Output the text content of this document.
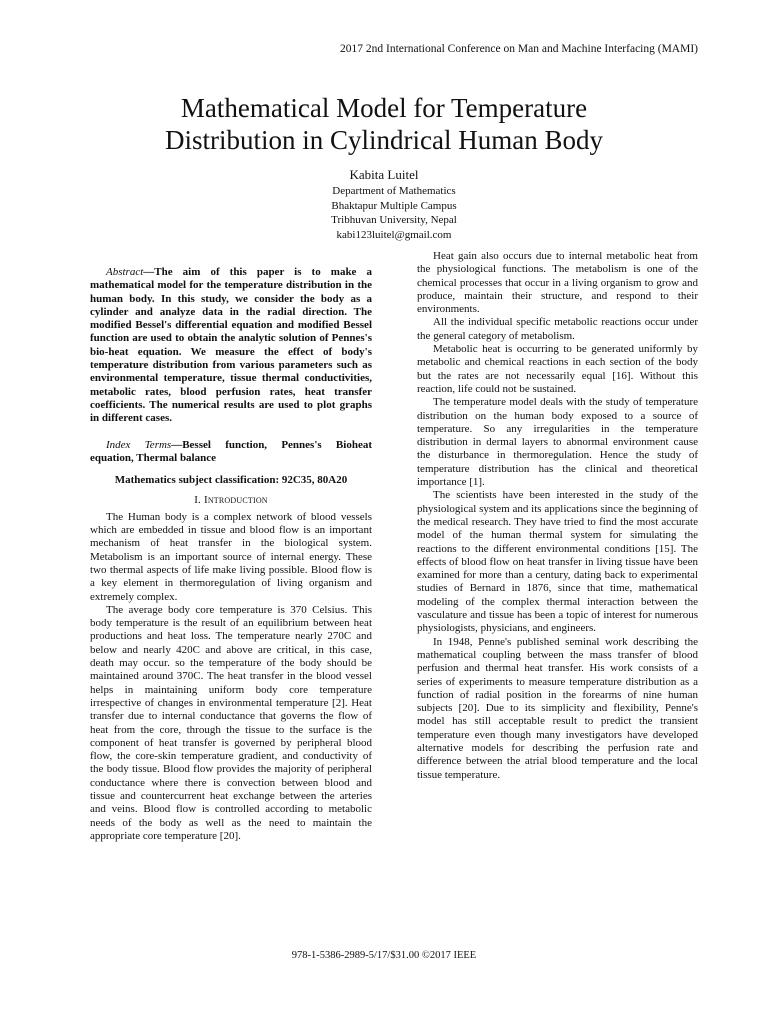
2017 2nd International Conference on Man and Machine Interfacing (MAMI)
Mathematical Model for Temperature
Distribution in Cylindrical Human Body
Kabita Luitel
Department of Mathematics
Bhaktapur Multiple Campus
Tribhuvan University, Nepal
kabi123luitel@gmail.com

Abstract—The aim of this paper is to make a mathematical model for the temperature distribution in the human body. In this study, we consider the body as a cylinder and analyze data in the radial direction. The modified Bessel's differential equation and modified Bessel function are used to obtain the analytic solution of Pennes's bio-heat equation. We measure the effect of body's temperature distribution from various parameters such as environmental temperature, tissue thermal conductivities, metabolic rates, blood perfusion rates, heat transfer coefficients. The numerical results are used to plot graphs in different cases.

Index Terms—Bessel function, Pennes's Bioheat equation, Thermal balance

Mathematics subject classification: 92C35, 80A20

I. Introduction

The Human body is a complex network of blood vessels which are embedded in tissue and blood flow is an important mechanism of heat transfer in the biological system. Metabolism is an important source of internal energy. These two thermal aspects of life make living possible. Blood flow is a key element in thermoregulation of living organism and extremely complex.

The average body core temperature is 370 Celsius. This body temperature is the result of an equilibrium between heat productions and heat loss. The temperature nearly 270C and below and nearly 420C and above are critical, in this case, death may occur. so the temperature of the body should be maintained around 370C. The heat transfer in the blood vessel helps in maintaining uniform body core temperature irrespective of changes in environmental temperature [2]. Heat transfer due to internal conductance that governs the flow of heat from the core, through the tissue to the surface is the component of heat transfer is governed by peripheral blood flow, the core-skin temperature gradient, and conductivity of the body tissue. Blood flow provides the majority of peripheral conductance where there is convection between blood and tissue and countercurrent heat exchange between the arteries and veins. Blood flow is controlled according to metabolic needs of the body as well as the need to maintain the appropriate core temperature [20].

Heat gain also occurs due to internal metabolic heat from the physiological functions. The metabolism is one of the chemical processes that occur in a living organism to grow and produce, maintain their structure, and respond to their environments.

All the individual specific metabolic reactions occur under the general category of metabolism.

Metabolic heat is occurring to be generated uniformly by metabolic and chemical reactions in each section of the body but the rates are not necessarily equal [16]. Without this reaction, life could not be sustained.

The temperature model deals with the study of temperature distribution on the human body exposed to a source of temperature. So any irregularities in the temperature distribution in dermal layers to abnormal environment cause the disturbance in thermoregulation. Hence the study of temperature distribution has the clinical and theoretical importance [1].

The scientists have been interested in the study of the physiological system and its applications since the beginning of the medical research. They have tried to find the most accurate model of the human thermal system for simulating the reactions to the different environmental conditions [15]. The effects of blood flow on heat transfer in living tissue have been examined for more than a century, dating back to experimental studies of Bernard in 1876, since that time, mathematical modeling of the complex thermal interaction between the vasculature and tissue has been a topic of interest for numerous physiologists, physicians, and engineers.

In 1948, Penne's published seminal work describing the mathematical coupling between the mass transfer of blood perfusion and thermal heat transfer. His work consists of a series of experiments to measure temperature distribution as a function of radial position in the forearms of nine human subjects [20]. Due to its simplicity and flexibility, Penne's model has still acceptable result to predict the transient temperature even though many investigators have developed alternative models for describing the perfusion rate and difference between the atrial blood temperature and the local tissue temperature.

978-1-5386-2989-5/17/$31.00 ©2017 IEEE
